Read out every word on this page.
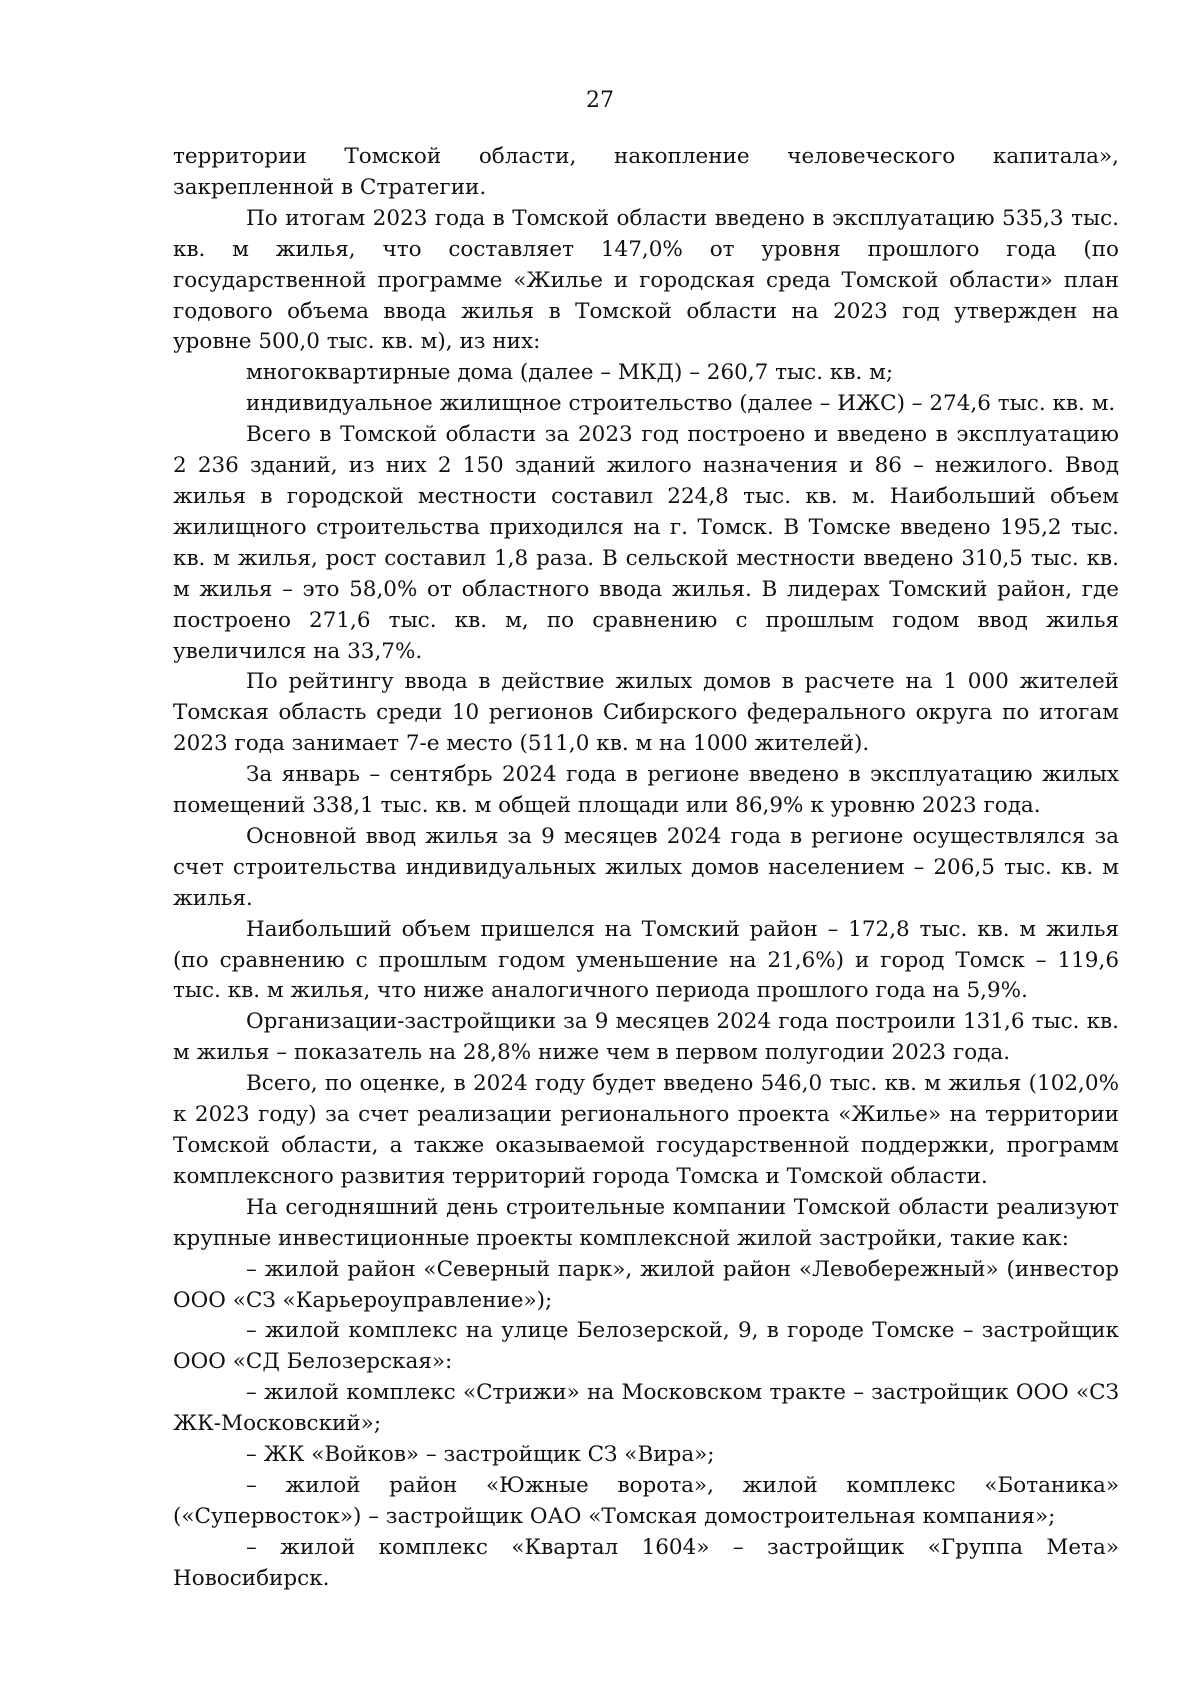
27

территории Томской области, накопление человеческого капитала», закрепленной в Стратегии.

По итогам 2023 года в Томской области введено в эксплуатацию 535,3 тыс. кв. м жилья, что составляет 147,0% от уровня прошлого года (по государственной программе «Жилье и городская среда Томской области» план годового объема ввода жилья в Томской области на 2023 год утвержден на уровне 500,0 тыс. кв. м), из них:

многоквартирные дома (далее – МКД) – 260,7 тыс. кв. м;

индивидуальное жилищное строительство (далее – ИЖС) – 274,6 тыс. кв. м.

Всего в Томской области за 2023 год построено и введено в эксплуатацию 2 236 зданий, из них 2 150 зданий жилого назначения и 86 – нежилого. Ввод жилья в городской местности составил 224,8 тыс. кв. м. Наибольший объем жилищного строительства приходился на г. Томск. В Томске введено 195,2 тыс. кв. м жилья, рост составил 1,8 раза. В сельской местности введено 310,5 тыс. кв. м жилья – это 58,0% от областного ввода жилья. В лидерах Томский район, где построено 271,6 тыс. кв. м, по сравнению с прошлым годом ввод жилья увеличился на 33,7%.

По рейтингу ввода в действие жилых домов в расчете на 1 000 жителей Томская область среди 10 регионов Сибирского федерального округа по итогам 2023 года занимает 7-е место (511,0 кв. м на 1000 жителей).

За январь – сентябрь 2024 года в регионе введено в эксплуатацию жилых помещений 338,1 тыс. кв. м общей площади или 86,9% к уровню 2023 года.

Основной ввод жилья за 9 месяцев 2024 года в регионе осуществлялся за счет строительства индивидуальных жилых домов населением – 206,5 тыс. кв. м жилья.

Наибольший объем пришелся на Томский район – 172,8 тыс. кв. м жилья (по сравнению с прошлым годом уменьшение на 21,6%) и город Томск – 119,6 тыс. кв. м жилья, что ниже аналогичного периода прошлого года на 5,9%.

Организации-застройщики за 9 месяцев 2024 года построили 131,6 тыс. кв. м жилья – показатель на 28,8% ниже чем в первом полугодии 2023 года.

Всего, по оценке, в 2024 году будет введено 546,0 тыс. кв. м жилья (102,0% к 2023 году) за счет реализации регионального проекта «Жилье» на территории Томской области, а также оказываемой государственной поддержки, программ комплексного развития территорий города Томска и Томской области.

На сегодняшний день строительные компании Томской области реализуют крупные инвестиционные проекты комплексной жилой застройки, такие как:

– жилой район «Северный парк», жилой район «Левобережный» (инвестор ООО «СЗ «Карьероуправление»);

– жилой комплекс на улице Белозерской, 9, в городе Томске – застройщик ООО «СД Белозерская»:

– жилой комплекс «Стрижи» на Московском тракте – застройщик ООО «СЗ ЖК-Московский»;

– ЖК «Войков» – застройщик СЗ «Вира»;

– жилой район «Южные ворота», жилой комплекс «Ботаника» («Супервосток») – застройщик ОАО «Томская домостроительная компания»;

– жилой комплекс «Квартал 1604» – застройщик «Группа Мета» Новосибирск.
